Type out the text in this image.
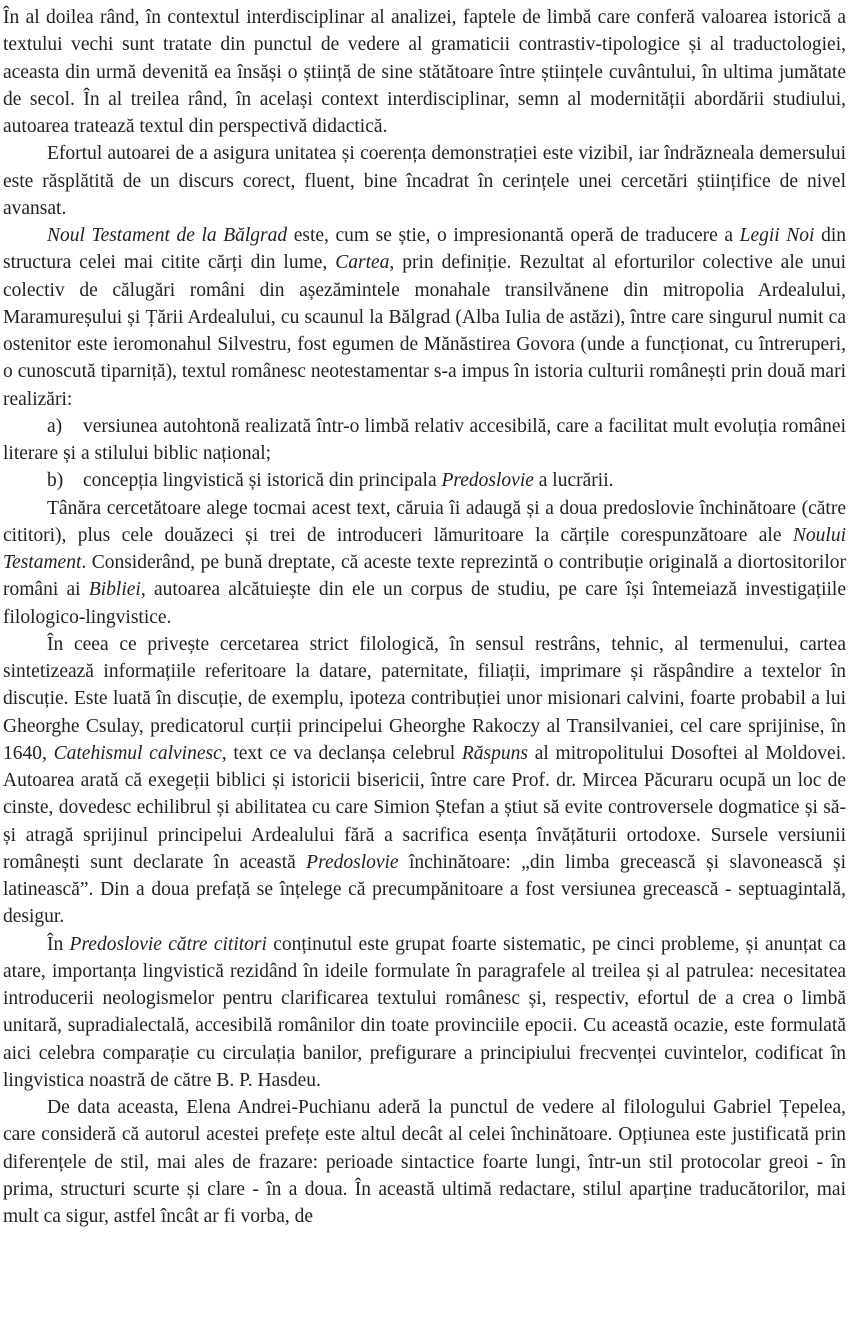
În al doilea rând, în contextul interdisciplinar al analizei, faptele de limbă care conferă valoarea istorică a textului vechi sunt tratate din punctul de vedere al gramaticii contrastiv-tipologice și al traductologiei, aceasta din urmă devenită ea însăși o știință de sine stătătoare între științele cuvântului, în ultima jumătate de secol. În al treilea rând, în același context interdisciplinar, semn al modernității abordării studiului, autoarea tratează textul din perspectivă didactică.

Efortul autoarei de a asigura unitatea și coerența demonstrației este vizibil, iar îndrăzneala demersului este răsplătită de un discurs corect, fluent, bine încadrat în cerințele unei cercetări științifice de nivel avansat.

Noul Testament de la Bălgrad este, cum se știe, o impresionantă operă de traducere a Legii Noi din structura celei mai citite cărți din lume, Cartea, prin definiție. Rezultat al eforturilor colective ale unui colectiv de călugări români din așezămintele monahale transilvănene din mitropolia Ardealului, Maramureșului și Țării Ardealului, cu scaunul la Bălgrad (Alba Iulia de astăzi), între care singurul numit ca ostenitor este ieromonahul Silvestru, fost egumen de Mănăstirea Govora (unde a funcționat, cu întreruperi, o cunoscută tiparniță), textul românesc neotestamentar s-a impus în istoria culturii românești prin două mari realizări:

a) versiunea autohtonă realizată într-o limbă relativ accesibilă, care a facilitat mult evoluția românei literare și a stilului biblic național;

b) concepția lingvistică și istorică din principala Predoslovie a lucrării.

Tânăra cercetătoare alege tocmai acest text, căruia îi adaugă și a doua predoslovie închinătoare (către cititori), plus cele douăzeci și trei de introduceri lămuritoare la cărțile corespunzătoare ale Noului Testament. Considerând, pe bună dreptate, că aceste texte reprezintă o contribuție originală a diortositorilor români ai Bibliei, autoarea alcătuiește din ele un corpus de studiu, pe care își întemeiază investigațiile filologico-lingvistice.

În ceea ce privește cercetarea strict filologică, în sensul restrâns, tehnic, al termenului, cartea sintetizează informațiile referitoare la datare, paternitate, filiații, imprimare și răspândire a textelor în discuție. Este luată în discuție, de exemplu, ipoteza contribuției unor misionari calvini, foarte probabil a lui Gheorghe Csulay, predicatorul curții principelui Gheorghe Rakoczy al Transilvaniei, cel care sprijinise, în 1640, Catehismul calvinesc, text ce va declanșa celebrul Răspuns al mitropolitului Dosoftei al Moldovei. Autoarea arată că exegeții biblici și istoricii bisericii, între care Prof. dr. Mircea Păcuraru ocupă un loc de cinste, dovedesc echilibrul și abilitatea cu care Simion Ștefan a știut să evite controversele dogmatice și să-și atragă sprijinul principelui Ardealului fără a sacrifica esența învățăturii ortodoxe. Sursele versiunii românești sunt declarate în această Predoslovie închinătoare: „din limba grecească și slavonească și latinească”. Din a doua prefață se înțelege că precumpănitoare a fost versiunea grecească - septuagintală, desigur.

În Predoslovie către cititori conținutul este grupat foarte sistematic, pe cinci probleme, și anunțat ca atare, importanța lingvistică rezidând în ideile formulate în paragrafele al treilea și al patrulea: necesitatea introducerii neologismelor pentru clarificarea textului românesc și, respectiv, efortul de a crea o limbă unitară, supradialectală, accesibilă românilor din toate provinciile epocii. Cu această ocazie, este formulată aici celebra comparație cu circulația banilor, prefigurare a principiului frecvenței cuvintelor, codificat în lingvistica noastră de către B. P. Hasdeu.

De data aceasta, Elena Andrei-Puchianu aderă la punctul de vedere al filologului Gabriel Țepelea, care consideră că autorul acestei prefețe este altul decât al celei închinătoare. Opțiunea este justificată prin diferențele de stil, mai ales de frazare: perioade sintactice foarte lungi, într-un stil protocolar greoi - în prima, structuri scurte și clare - în a doua. În această ultimă redactare, stilul aparține traducătorilor, mai mult ca sigur, astfel încât ar fi vorba, de
